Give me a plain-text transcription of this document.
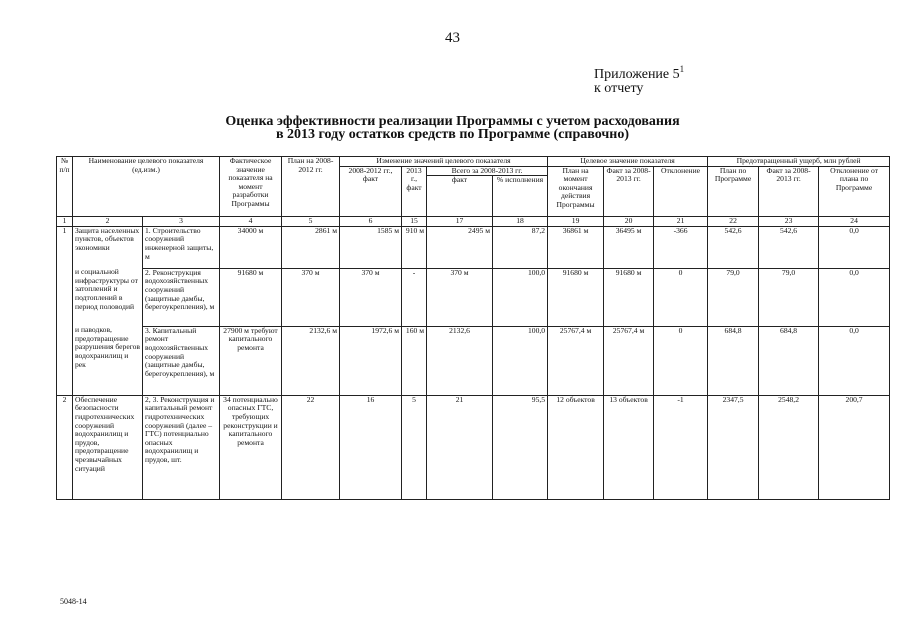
43
Приложение $5^1$
к отчету
Оценка эффективности реализации Программы с учетом расходования
в 2013 году остатков средств по Программе (справочно)
№ п/п	Наименование целевого показателя (ед.изм.)		Фактическое значение показателя на момент разработки Программы	План на 2008-2012 гг.	Изменение значений целевого показателя				Целевое значение показателя			Предотвращенный ущерб, млн рублей		
					2008-2012 гг., факт	2013 г., факт	Всего за 2008-2013 гг.		План на момент окончания действия Программы	Факт за 2008-2013 гг.	Отклонение	План по Программе	Факт за 2008-2013 гг.	Отклонение от плана по Программе
							факт	% исполнения						
1	2	3	4	5	6	15	17	18	19	20	21	22	23	24
1	Защита населенных пунктов, объектов экономики	1. Строительство сооружений инженерной защиты, м	34000 м	2861 м	1585 м	910 м	2495 м	87,2	36861 м	36495 м	-366	542,6	542,6	0,0
	и социальной инфраструктуры от затоплений и подтоплений в период половодий	2. Реконструкция водохозяйственных сооружений (защитные дамбы, берегоукрепления), м	91680 м	370 м	370 м	-	370 м	100,0	91680 м	91680 м	0	79,0	79,0	0,0
	и паводков, предотвращение разрушения берегов водохранилищ и рек	3. Капитальный ремонт водохозяйственных сооружений (защитные дамбы, берегоукрепления), м	27900 м требуют капитального ремонта	2132,6 м	1972,6 м	160 м	2132,6	100,0	25767,4 м	25767,4 м	0	684,8	684,8	0,0
2	Обеспечение безопасности гидротехнических сооружений водохранилищ и прудов, предотвращение чрезвычайных ситуаций	2, 3. Реконструкция и капитальный ремонт гидротехнических сооружений (далее – ГТС) потенциально опасных водохранилищ и прудов, шт.	34 потенциально опасных ГТС, требующих реконструкции и капитального ремонта	22	16	5	21	95,5	12 объектов	13 объектов	-1	2347,5	2548,2	200,7
5048-14
